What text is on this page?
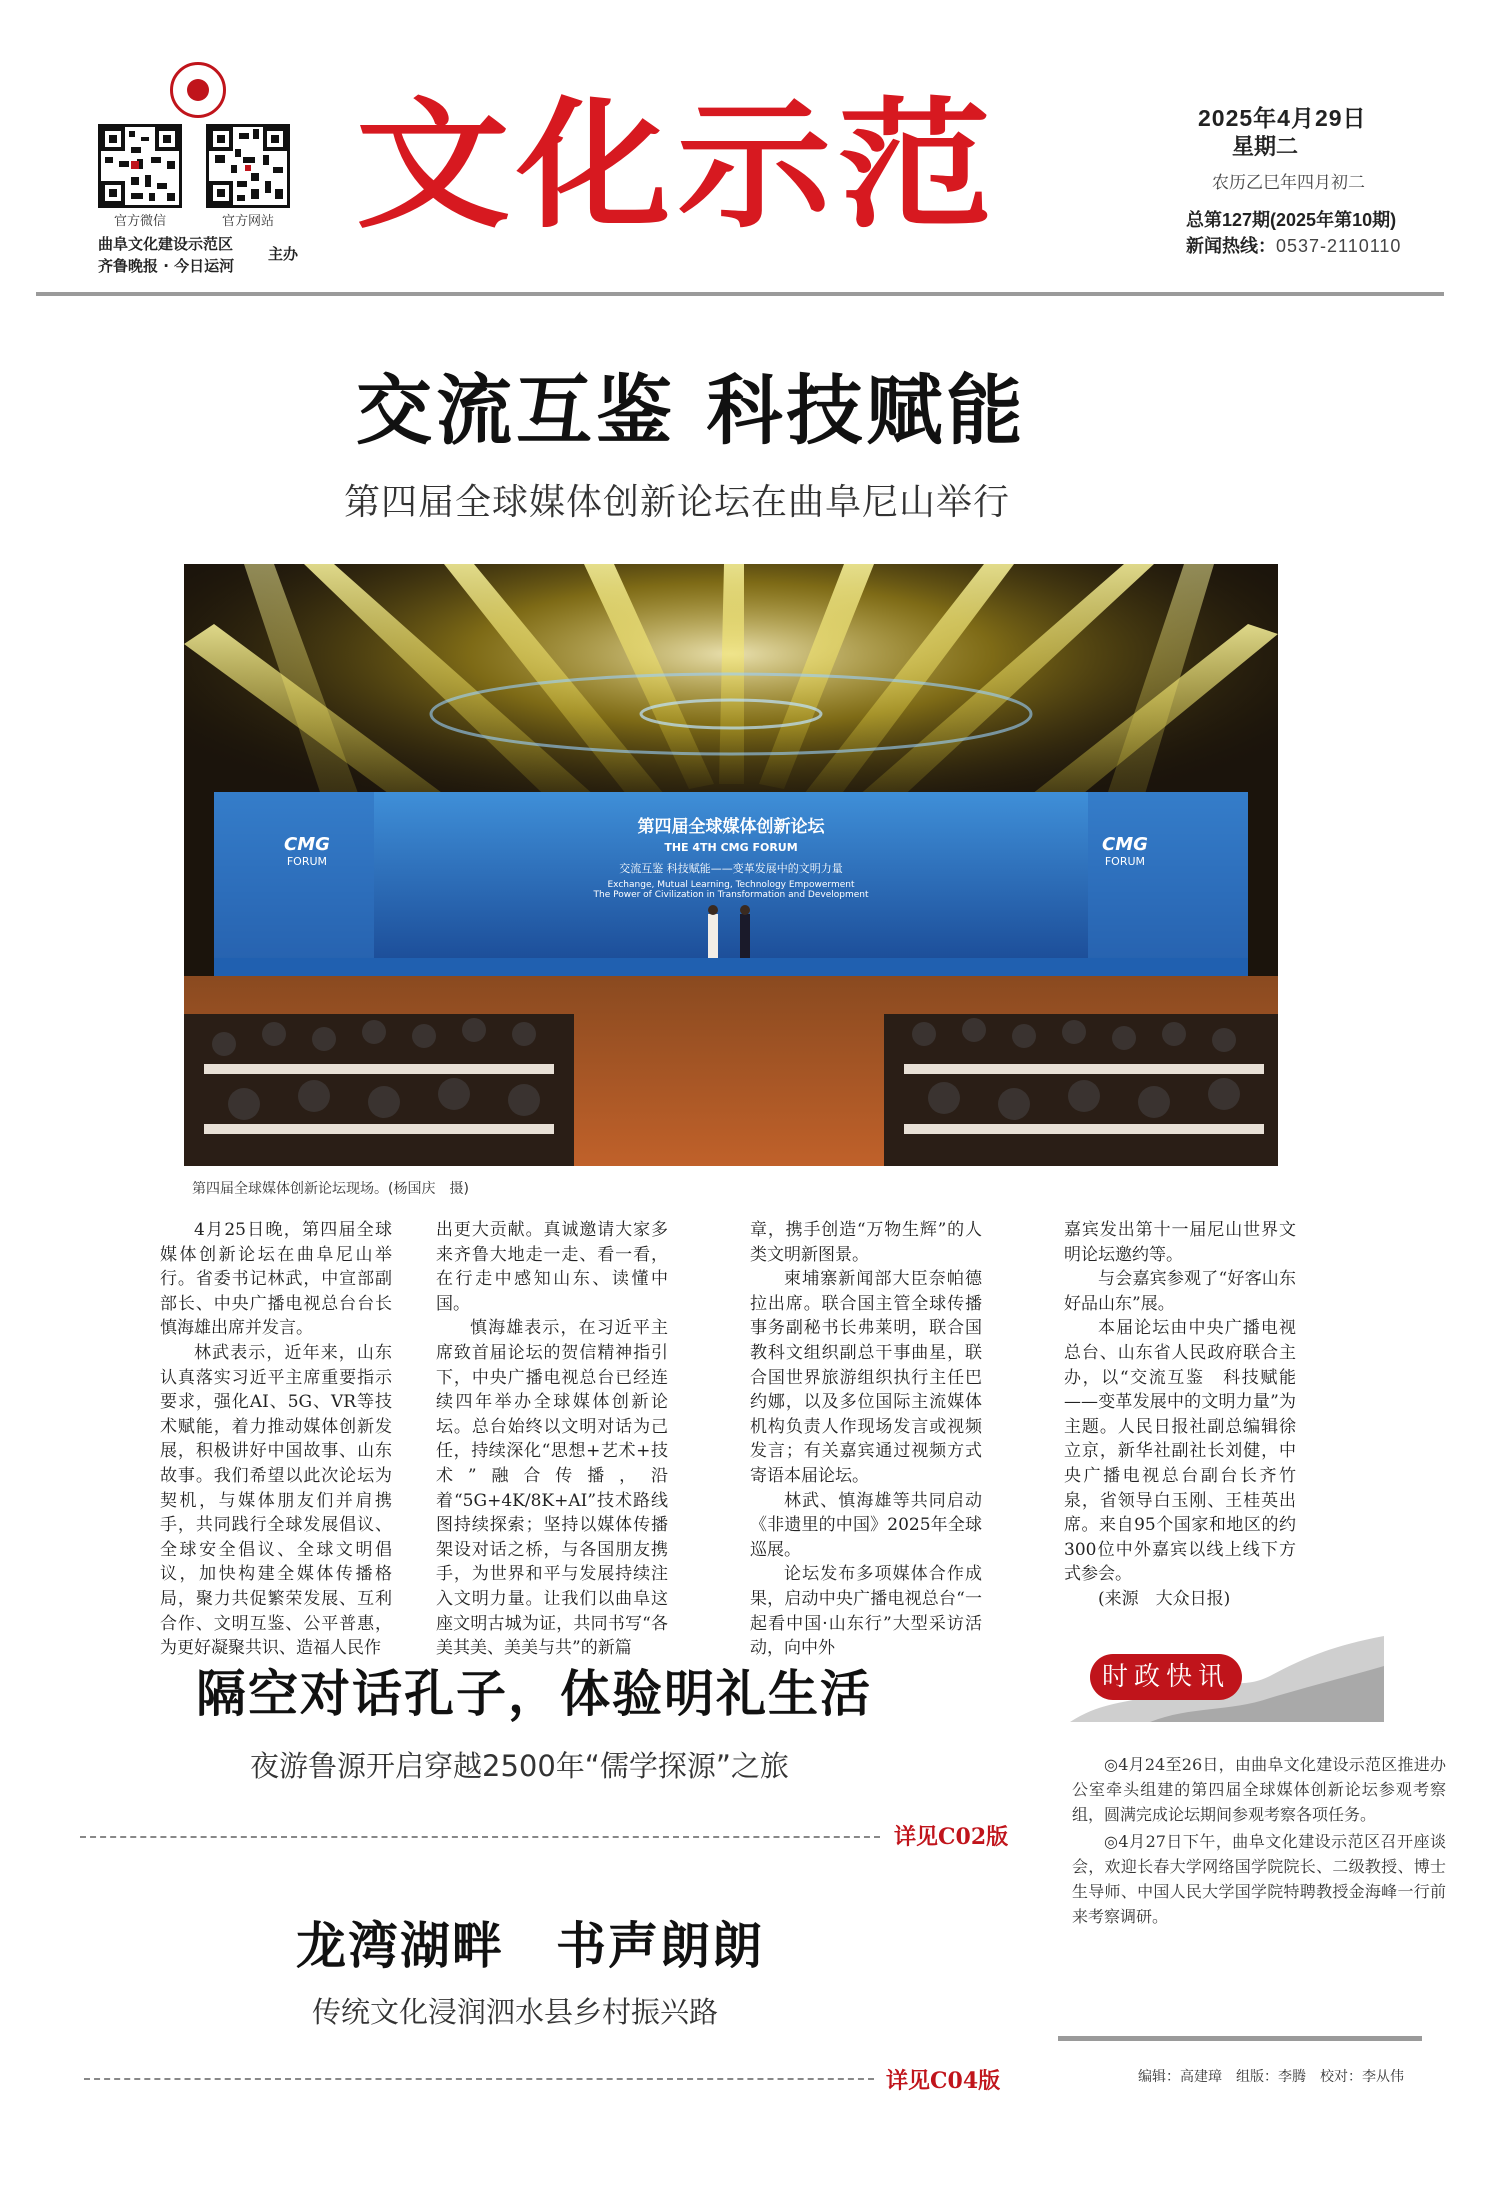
官方微信	官方网站
曲阜文化建设示范区
齐鲁晚报 · 今日运河
主办
文化示范	2025年4月29日
星期二
农历乙巳年四月初二
总第127期(2025年第10期)
新闻热线：0537-2110110
交流互鉴 科技赋能
第四届全球媒体创新论坛在曲阜尼山举行
第四届全球媒体创新论坛
THE 4TH CMG FORUM
交流互鉴 科技赋能——变革发展中的文明力量
Exchange, Mutual Learning, Technology Empowerment
The Power of Civilization in Transformation and Development
CMG
FORUM
CMG
FORUM
第四届全球媒体创新论坛现场。(杨国庆　摄)

4月25日晚，第四届全球媒体创新论坛在曲阜尼山举行。省委书记林武，中宣部副部长、中央广播电视总台台长慎海雄出席并发言。

林武表示，近年来，山东认真落实习近平主席重要指示要求，强化AI、5G、VR等技术赋能，着力推动媒体创新发展，积极讲好中国故事、山东故事。我们希望以此次论坛为契机，与媒体朋友们并肩携手，共同践行全球发展倡议、全球安全倡议、全球文明倡议，加快构建全媒体传播格局，聚力共促繁荣发展、互利合作、文明互鉴、公平普惠，为更好凝聚共识、造福人民作

出更大贡献。真诚邀请大家多来齐鲁大地走一走、看一看，在行走中感知山东、读懂中国。

慎海雄表示，在习近平主席致首届论坛的贺信精神指引下，中央广播电视总台已经连续四年举办全球媒体创新论坛。总台始终以文明对话为己任，持续深化“思想+艺术+技术”融合传播，沿着“5G+4K/8K+AI”技术路线图持续探索；坚持以媒体传播架设对话之桥，与各国朋友携手，为世界和平与发展持续注入文明力量。让我们以曲阜这座文明古城为证，共同书写“各美其美、美美与共”的新篇

章，携手创造“万物生辉”的人类文明新图景。

柬埔寨新闻部大臣奈帕德拉出席。联合国主管全球传播事务副秘书长弗莱明，联合国教科文组织副总干事曲星，联合国世界旅游组织执行主任巴约娜，以及多位国际主流媒体机构负责人作现场发言或视频发言；有关嘉宾通过视频方式寄语本届论坛。

林武、慎海雄等共同启动《非遗里的中国》2025年全球巡展。

论坛发布多项媒体合作成果，启动中央广播电视总台“一起看中国·山东行”大型采访活动，向中外

嘉宾发出第十一届尼山世界文明论坛邀约等。

与会嘉宾参观了“好客山东 好品山东”展。

本届论坛由中央广播电视总台、山东省人民政府联合主办，以“交流互鉴　科技赋能——变革发展中的文明力量”为主题。人民日报社副总编辑徐立京，新华社副社长刘健，中央广播电视总台副台长齐竹泉，省领导白玉刚、王桂英出席。来自95个国家和地区的约300位中外嘉宾以线上线下方式参会。

(来源　大众日报)

隔空对话孔子，体验明礼生活
夜游鲁源开启穿越2500年“儒学探源”之旅
详见C02版
龙湾湖畔　书声朗朗
传统文化浸润泗水县乡村振兴路
详见C04版
时政快讯

◎4月24至26日，由曲阜文化建设示范区推进办公室牵头组建的第四届全球媒体创新论坛参观考察组，圆满完成论坛期间参观考察各项任务。

◎4月27日下午，曲阜文化建设示范区召开座谈会，欢迎长春大学网络国学院院长、二级教授、博士生导师、中国人民大学国学院特聘教授金海峰一行前来考察调研。

编辑：高建璋　组版：李腾　校对：李从伟
